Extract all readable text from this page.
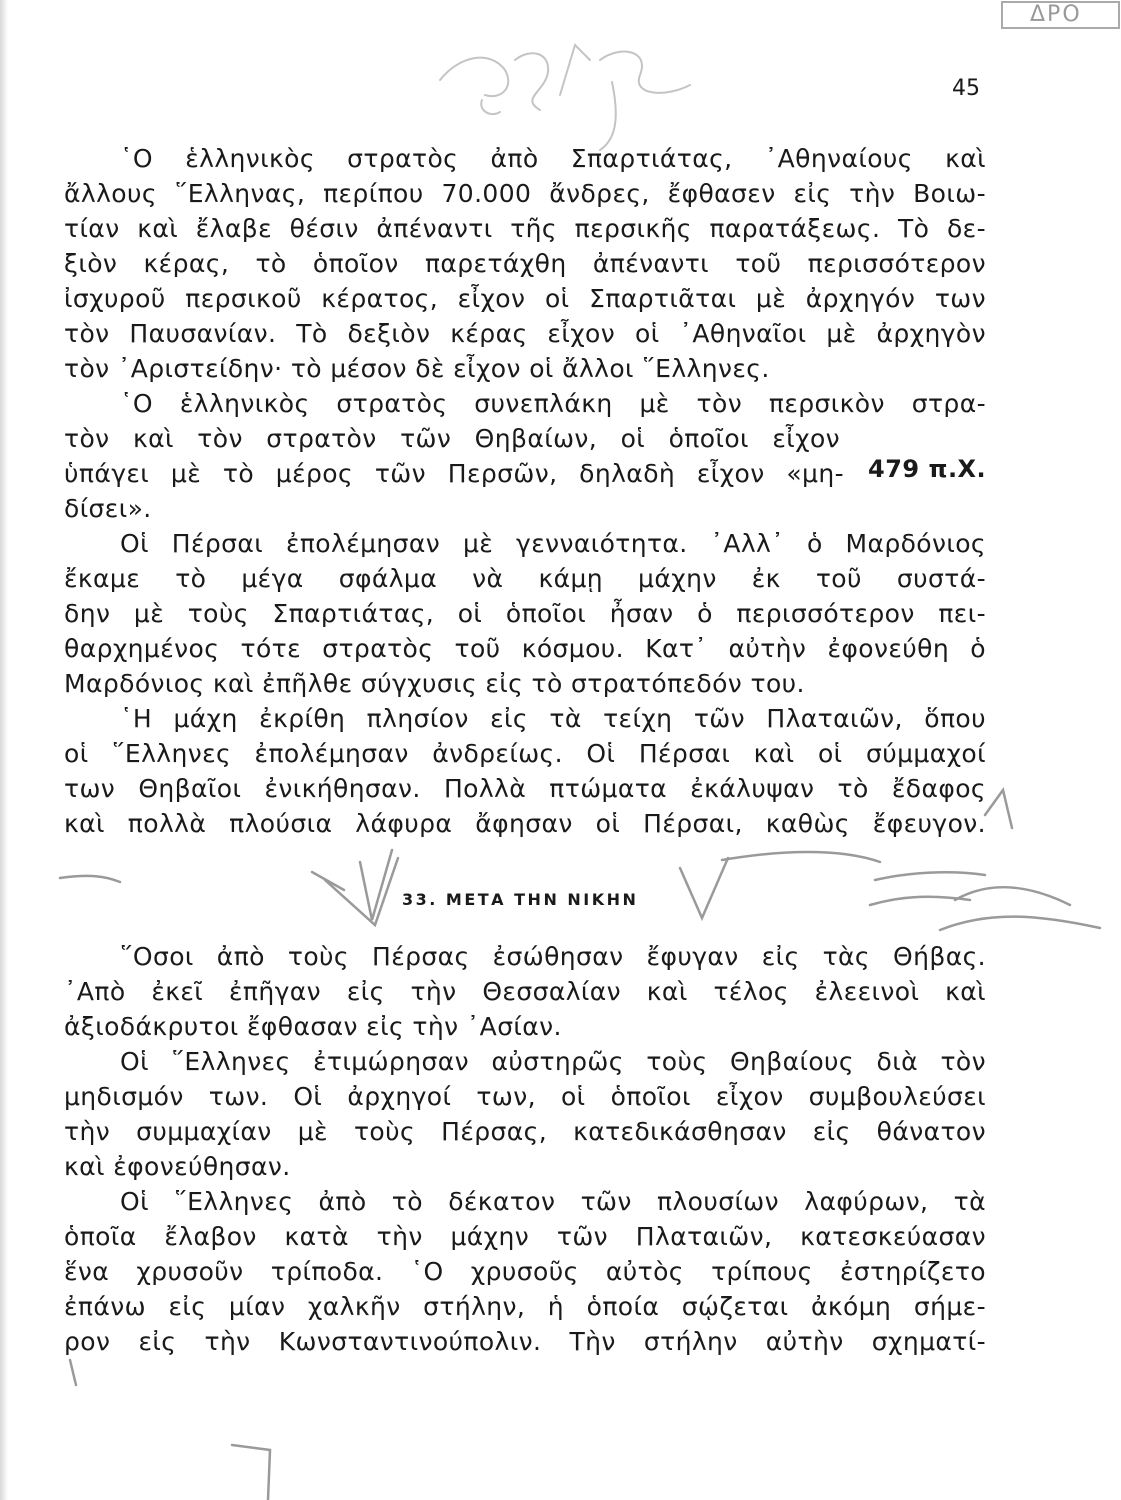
ΔΡΟ
45
῾Ο ἑλληνικὸς στρατὸς ἀπὸ Σπαρτιάτας, ᾿Αθηναίους καὶ
ἄλλους ῞Ελληνας, περίπου 70.000 ἄνδρες, ἔφθασεν εἰς τὴν Βοιω-
τίαν καὶ ἔλαβε θέσιν ἀπέναντι τῆς περσικῆς παρατάξεως. Τὸ δε-
ξιὸν κέρας, τὸ ὁποῖον παρετάχθη ἀπέναντι τοῦ περισσότερον
ἰσχυροῦ περσικοῦ κέρατος, εἶχον οἱ Σπαρτιᾶται μὲ ἀρχηγόν των
τὸν Παυσανίαν. Τὸ δεξιὸν κέρας εἶχον οἱ ᾿Αθηναῖοι μὲ ἀρχηγὸν
τὸν ᾿Αριστείδην· τὸ μέσον δὲ εἶχον οἱ ἄλλοι ῞Ελληνες.
῾Ο ἑλληνικὸς στρατὸς συνεπλάκη μὲ τὸν περσικὸν στρα-
τὸν καὶ τὸν στρατὸν τῶν Θηβαίων, οἱ ὁποῖοι εἶχον
ὑπάγει μὲ τὸ μέρος τῶν Περσῶν, δηλαδὴ εἶχον «μη- 479 π.Χ.
δίσει».
Οἱ Πέρσαι ἐπολέμησαν μὲ γενναιότητα. ᾿Αλλ᾿ ὁ Μαρδόνιος
ἔκαμε τὸ μέγα σφάλμα νὰ κάμῃ μάχην ἐκ τοῦ συστά-
δην μὲ τοὺς Σπαρτιάτας, οἱ ὁποῖοι ἦσαν ὁ περισσότερον πει-
θαρχημένος τότε στρατὸς τοῦ κόσμου. Κατ᾿ αὐτὴν ἐφονεύθη ὁ
Μαρδόνιος καὶ ἐπῆλθε σύγχυσις εἰς τὸ στρατόπεδόν του.
῾Η μάχη ἐκρίθη πλησίον εἰς τὰ τείχη τῶν Πλαταιῶν, ὅπου
οἱ ῞Ελληνες ἐπολέμησαν ἀνδρείως. Οἱ Πέρσαι καὶ οἱ σύμμαχοί
των Θηβαῖοι ἐνικήθησαν. Πολλὰ πτώματα ἐκάλυψαν τὸ ἔδαφος
καὶ πολλὰ πλούσια λάφυρα ἄφησαν οἱ Πέρσαι, καθὼς ἔφευγον.
33. ΜΕΤΑ ΤΗΝ ΝΙΚΗΝ
῞Οσοι ἀπὸ τοὺς Πέρσας ἐσώθησαν ἔφυγαν εἰς τὰς Θήβας.
᾿Απὸ ἐκεῖ ἐπῆγαν εἰς τὴν Θεσσαλίαν καὶ τέλος ἐλεεινοὶ καὶ
ἀξιοδάκρυτοι ἔφθασαν εἰς τὴν ᾿Ασίαν.
Οἱ ῞Ελληνες ἐτιμώρησαν αὐστηρῶς τοὺς Θηβαίους διὰ τὸν
μηδισμόν των. Οἱ ἀρχηγοί των, οἱ ὁποῖοι εἶχον συμβουλεύσει
τὴν συμμαχίαν μὲ τοὺς Πέρσας, κατεδικάσθησαν εἰς θάνατον
καὶ ἐφονεύθησαν.
Οἱ ῞Ελληνες ἀπὸ τὸ δέκατον τῶν πλουσίων λαφύρων, τὰ
ὁποῖα ἔλαβον κατὰ τὴν μάχην τῶν Πλαταιῶν, κατεσκεύασαν
ἕνα χρυσοῦν τρίποδα. ῾Ο χρυσοῦς αὐτὸς τρίπους ἐστηρίζετο
ἐπάνω εἰς μίαν χαλκῆν στήλην, ἡ ὁποία σῴζεται ἀκόμη σήμε-
ρον εἰς τὴν Κωνσταντινούπολιν. Τὴν στήλην αὐτὴν σχηματί-
